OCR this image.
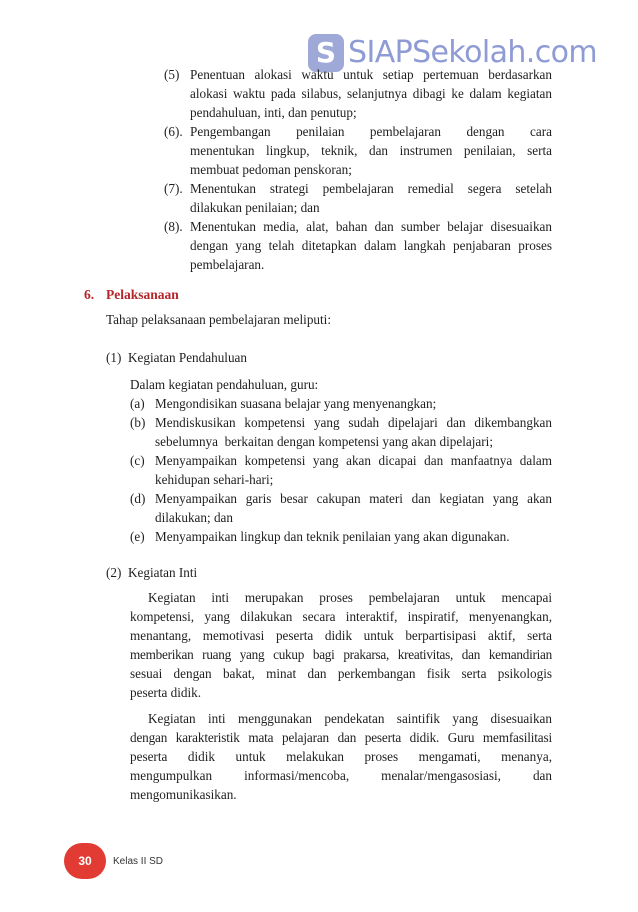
S SIAPSekolah.com
(5) Penentuan alokasi waktu untuk setiap pertemuan berdasarkan
alokasi waktu pada silabus, selanjutnya dibagi ke dalam kegiatan
pendahuluan, inti, dan penutup;
(6). Pengembangan penilaian pembelajaran dengan cara
menentukan lingkup, teknik, dan instrumen penilaian, serta
membuat pedoman penskoran;
(7). Menentukan strategi pembelajaran remedial segera setelah
dilakukan penilaian; dan
(8). Menentukan media, alat, bahan dan sumber belajar disesuaikan
dengan yang telah ditetapkan dalam langkah penjabaran proses
pembelajaran.
6. Pelaksanaan
Tahap pelaksanaan pembelajaran meliputi:
(1)  Kegiatan Pendahuluan
Dalam kegiatan pendahuluan, guru:
(a) Mengondisikan suasana belajar yang menyenangkan;
(b) Mendiskusikan kompetensi yang sudah dipelajari dan dikembangkan
sebelumnya  berkaitan dengan kompetensi yang akan dipelajari;
(c) Menyampaikan kompetensi yang akan dicapai dan manfaatnya dalam
kehidupan sehari-hari;
(d) Menyampaikan garis besar cakupan materi dan kegiatan yang akan
dilakukan; dan
(e) Menyampaikan lingkup dan teknik penilaian yang akan digunakan.
(2)  Kegiatan Inti
Kegiatan inti merupakan proses pembelajaran untuk mencapai
kompetensi, yang dilakukan secara interaktif, inspiratif, menyenangkan,
menantang, memotivasi peserta didik untuk berpartisipasi aktif, serta
memberikan ruang yang cukup bagi prakarsa, kreativitas, dan kemandirian
sesuai dengan bakat, minat dan perkembangan fisik serta psikologis
peserta didik.
Kegiatan inti menggunakan pendekatan saintifik yang disesuaikan
dengan karakteristik mata pelajaran dan peserta didik. Guru memfasilitasi
peserta didik untuk melakukan proses mengamati, menanya,
mengumpulkan informasi/mencoba, menalar/mengasosiasi, dan
mengomunikasikan.
30	Kelas II SD
